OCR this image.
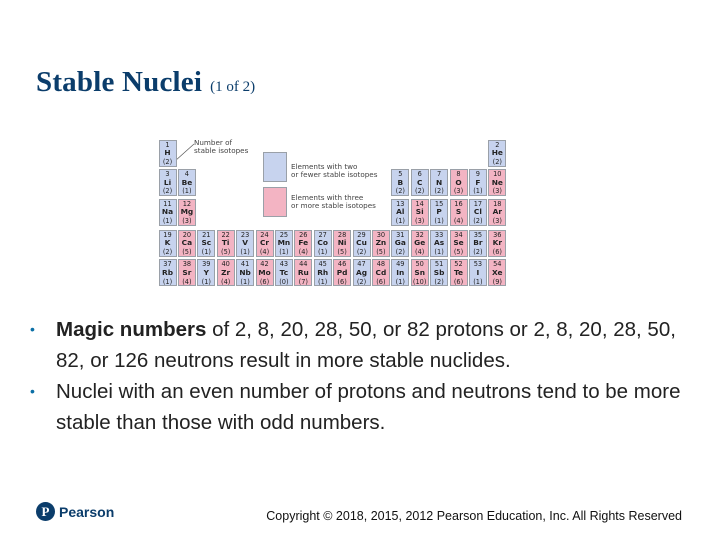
Stable Nuclei (1 of 2)
Number of
stable isotopes
Elements with two
or fewer stable isotopes
Elements with three
or more stable isotopes
1
H
(2)
2
He
(2)
3
Li
(2)
4
Be
(1)
5
B
(2)
6
C
(2)
7
N
(2)
8
O
(3)
9
F
(1)
10
Ne
(3)
11
Na
(1)
12
Mg
(3)
13
Al
(1)
14
Si
(3)
15
P
(1)
16
S
(4)
17
Cl
(2)
18
Ar
(3)
19
K
(2)
20
Ca
(5)
21
Sc
(1)
22
Ti
(5)
23
V
(1)
24
Cr
(4)
25
Mn
(1)
26
Fe
(4)
27
Co
(1)
28
Ni
(5)
29
Cu
(2)
30
Zn
(5)
31
Ga
(2)
32
Ge
(4)
33
As
(1)
34
Se
(5)
35
Br
(2)
36
Kr
(6)
37
Rb
(1)
38
Sr
(4)
39
Y
(1)
40
Zr
(4)
41
Nb
(1)
42
Mo
(6)
43
Tc
(0)
44
Ru
(7)
45
Rh
(1)
46
Pd
(6)
47
Ag
(2)
48
Cd
(6)
49
In
(1)
50
Sn
(10)
51
Sb
(2)
52
Te
(6)
53
I
(1)
54
Xe
(9)
• Magic numbers of 2, 8, 20, 28, 50, or 82 protons or 2, 8, 20, 28, 50, 82, or 126 neutrons result in more stable nuclides.
• Nuclei with an even number of protons and neutrons tend to be more stable than those with odd numbers.
P Pearson	Copyright © 2018, 2015, 2012 Pearson Education, Inc. All Rights Reserved
